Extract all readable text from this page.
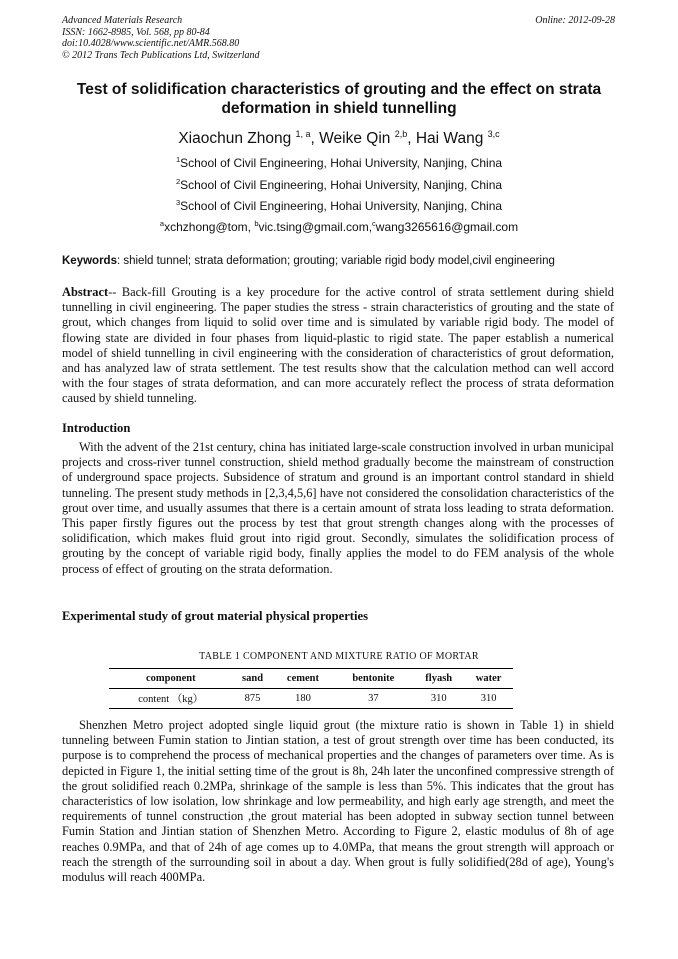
Advanced Materials Research
ISSN: 1662-8985, Vol. 568, pp 80-84
doi:10.4028/www.scientific.net/AMR.568.80
© 2012 Trans Tech Publications Ltd, Switzerland
Online: 2012-09-28
Test of solidification characteristics of grouting and the effect on strata deformation in shield tunnelling
Xiaochun Zhong $^{1, a}$, Weike Qin $^{2,b}$, Hai Wang $^{3,c}$
$^1$School of Civil Engineering, Hohai University, Nanjing, China
$^2$School of Civil Engineering, Hohai University, Nanjing, China
$^3$School of Civil Engineering, Hohai University, Nanjing, China
$^a$xchzhong@tom, $^b$vic.tsing@gmail.com,$^c$wang3265616@gmail.com
Keywords: shield tunnel; strata deformation; grouting; variable rigid body model,civil engineering

Abstract-- Back-fill Grouting is a key procedure for the active control of strata settlement during shield tunnelling in civil engineering. The paper studies the stress - strain characteristics of grouting and the state of grout, which changes from liquid to solid over time and is simulated by variable rigid body. The model of flowing state are divided in four phases from liquid-plastic to rigid state. The paper establish a numerical model of shield tunnelling in civil engineering with the consideration of characteristics of grout deformation, and has analyzed law of strata settlement. The test results show that the calculation method can well accord with the four stages of strata deformation, and can more accurately reflect the process of strata deformation caused by shield tunneling.

Introduction

With the advent of the 21st century, china has initiated large-scale construction involved in urban municipal projects and cross-river tunnel construction, shield method gradually become the mainstream of construction of underground space projects. Subsidence of stratum and ground is an important control standard in shield tunneling. The present study methods in [2,3,4,5,6] have not considered the consolidation characteristics of the grout over time, and usually assumes that there is a certain amount of strata loss leading to strata deformation. This paper firstly figures out the process by test that grout strength changes along with the processes of solidification, which makes fluid grout into rigid grout. Secondly, simulates the solidification process of grouting by the concept of variable rigid body, finally applies the model to do FEM analysis of the whole process of effect of grouting on the strata deformation.

Experimental study of grout material physical properties
TABLE 1 COMPONENT AND MIXTURE RATIO OF MORTAR
component	sand	cement	bentonite	flyash	water
content （kg）	875	180	37	310	310

Shenzhen Metro project adopted single liquid grout (the mixture ratio is shown in Table 1) in shield tunneling between Fumin station to Jintian station, a test of grout strength over time has been conducted, its purpose is to comprehend the process of mechanical properties and the changes of parameters over time. As is depicted in Figure 1, the initial setting time of the grout is 8h, 24h later the unconfined compressive strength of the grout solidified reach 0.2MPa, shrinkage of the sample is less than 5%. This indicates that the grout has characteristics of low isolation, low shrinkage and low permeability, and high early age strength, and meet the requirements of tunnel construction ,the grout material has been adopted in subway section tunnel between Fumin Station and Jintian station of Shenzhen Metro. According to Figure 2, elastic modulus of 8h of age reaches 0.9MPa, and that of 24h of age comes up to 4.0MPa, that means the grout strength will approach or reach the strength of the surrounding soil in about a day. When grout is fully solidified(28d of age), Young's modulus will reach 400MPa.
